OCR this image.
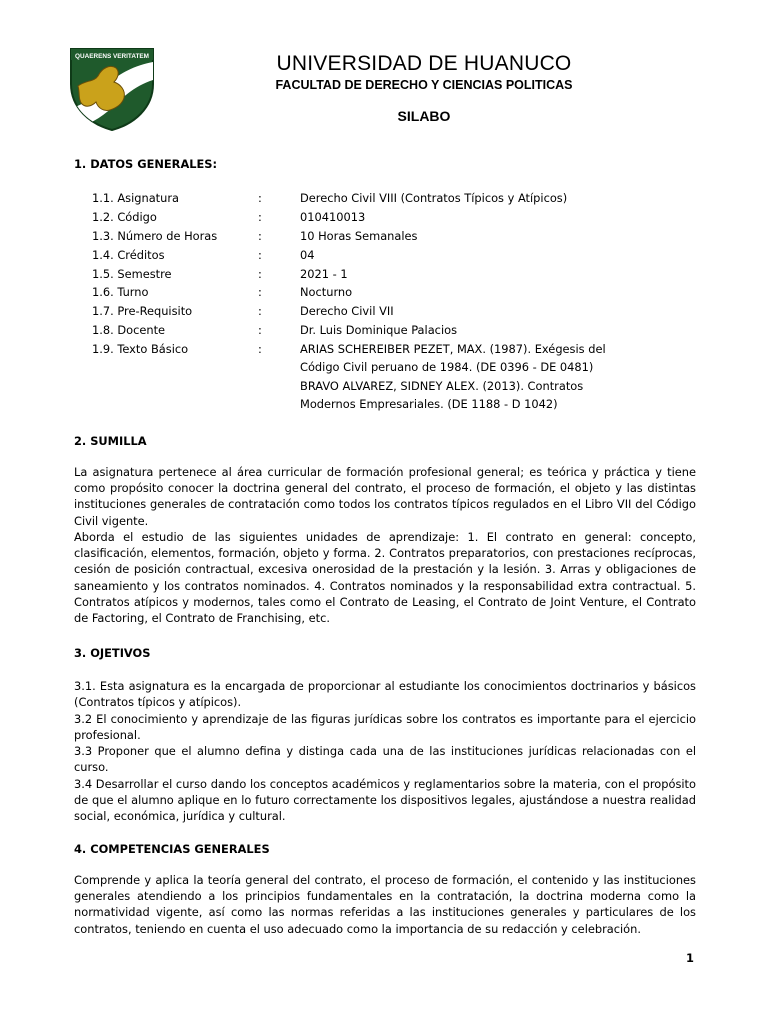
QUAERENS VERITATEM	UNIVERSIDAD DE HUANUCO
FACULTAD DE DERECHO Y CIENCIAS POLITICAS
SILABO
1. DATOS GENERALES:
1.1. Asignatura	:	Derecho Civil VIII (Contratos Típicos y Atípicos)

1.2. Código	:	010410013

1.3. Número de Horas	:	10 Horas Semanales

1.4. Créditos	:	04

1.5. Semestre	:	2021 - 1

1.6. Turno	:	Nocturno

1.7. Pre-Requisito	:	Derecho Civil VII

1.8. Docente	:	Dr. Luis Dominique Palacios

1.9. Texto Básico	:	ARIAS SCHEREIBER PEZET, MAX. (1987). Exégesis del
Código Civil peruano de 1984. (DE 0396 - DE 0481)
BRAVO ALVAREZ, SIDNEY ALEX. (2013). Contratos
Modernos Empresariales. (DE 1188 - D 1042)
2. SUMILLA
La asignatura pertenece al área curricular de formación profesional general; es teórica y práctica y tiene como propósito conocer la doctrina general del contrato, el proceso de formación, el objeto y las distintas instituciones generales de contratación como todos los contratos típicos regulados en el Libro VII del Código Civil vigente.
Aborda el estudio de las siguientes unidades de aprendizaje: 1. El contrato en general: concepto, clasificación, elementos, formación, objeto y forma. 2. Contratos preparatorios, con prestaciones recíprocas, cesión de posición contractual, excesiva onerosidad de la prestación y la lesión. 3. Arras y obligaciones de saneamiento y los contratos nominados. 4. Contratos nominados y la responsabilidad extra contractual. 5. Contratos atípicos y modernos, tales como el Contrato de Leasing, el Contrato de Joint Venture, el Contrato de Factoring, el Contrato de Franchising, etc.
3. OJETIVOS
3.1. Esta asignatura es la encargada de proporcionar al estudiante los conocimientos doctrinarios y básicos (Contratos típicos y atípicos).
3.2 El conocimiento y aprendizaje de las figuras jurídicas sobre los contratos es importante para el ejercicio profesional.
3.3 Proponer que el alumno defina y distinga cada una de las instituciones jurídicas relacionadas con el curso.
3.4 Desarrollar el curso dando los conceptos académicos y reglamentarios sobre la materia, con el propósito de que el alumno aplique en lo futuro correctamente los dispositivos legales, ajustándose a nuestra realidad social, económica, jurídica y cultural.
4. COMPETENCIAS GENERALES
Comprende y aplica la teoría general del contrato, el proceso de formación, el contenido y las instituciones generales atendiendo a los principios fundamentales en la contratación, la doctrina moderna como la normatividad vigente, así como las normas referidas a las instituciones generales y particulares de los contratos, teniendo en cuenta el uso adecuado como la importancia de su redacción y celebración.
1
